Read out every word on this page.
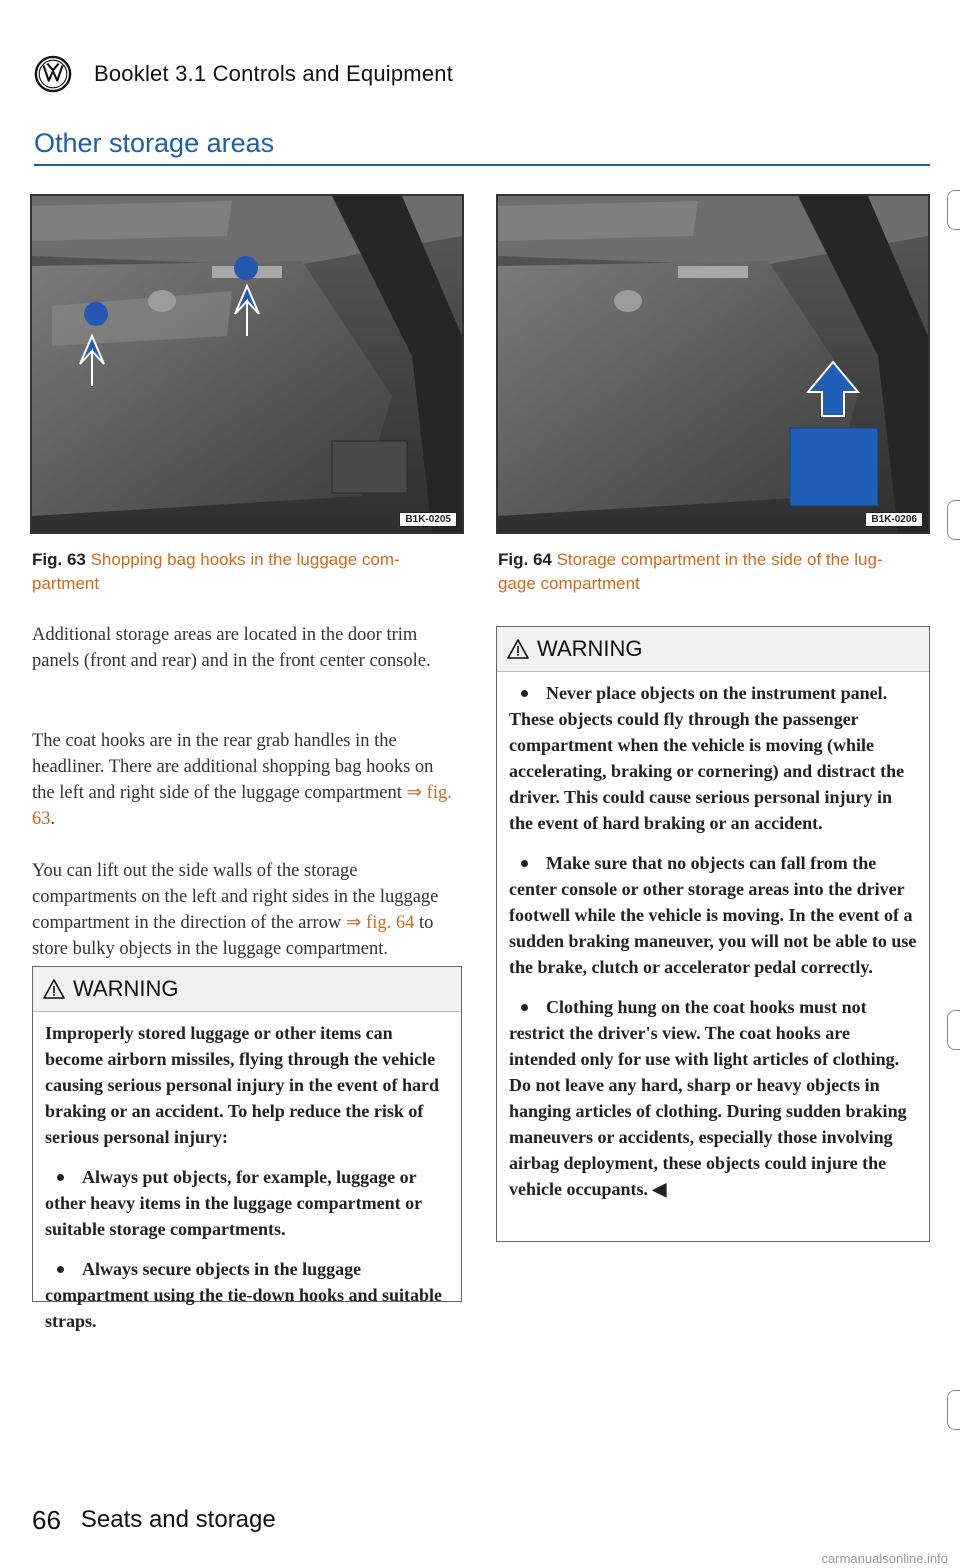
Booklet 3.1 Controls and Equipment
Other storage areas
B1K-0205	B1K-0206
Fig. 63 Shopping bag hooks in the luggage com- partment
Fig. 64 Storage compartment in the side of the lug- gage compartment

Additional storage areas are located in the door trim panels (front and rear) and in the front center console.

The coat hooks are in the rear grab handles in the headliner. There are additional shopping bag hooks on the left and right side of the luggage compartment ⇒ fig. 63.

You can lift out the side walls of the storage compartments on the left and right sides in the luggage compartment in the direction of the arrow ⇒ fig. 64 to store bulky objects in the luggage compartment.

WARNING

Improperly stored luggage or other items can become airborn missiles, flying through the vehicle causing serious personal injury in the event of hard braking or an accident. To help reduce the risk of serious personal injury:

Always put objects, for example, luggage or other heavy items in the luggage compartment or suitable storage compartments.

Always secure objects in the luggage compartment using the tie-down hooks and suitable straps.

WARNING

Never place objects on the instrument panel. These objects could fly through the passenger compartment when the vehicle is moving (while accelerating, braking or cornering) and distract the driver. This could cause serious personal injury in the event of hard braking or an accident.

Make sure that no objects can fall from the center console or other storage areas into the driver footwell while the vehicle is moving. In the event of a sudden braking maneuver, you will not be able to use the brake, clutch or accelerator pedal correctly.

Clothing hung on the coat hooks must not restrict the driver's view. The coat hooks are intended only for use with light articles of clothing. Do not leave any hard, sharp or heavy objects in hanging articles of clothing. During sudden braking maneuvers or accidents, especially those involving airbag deployment, these objects could injure the vehicle occupants. ◀

66 Seats and storage
carmanualsonline.info
